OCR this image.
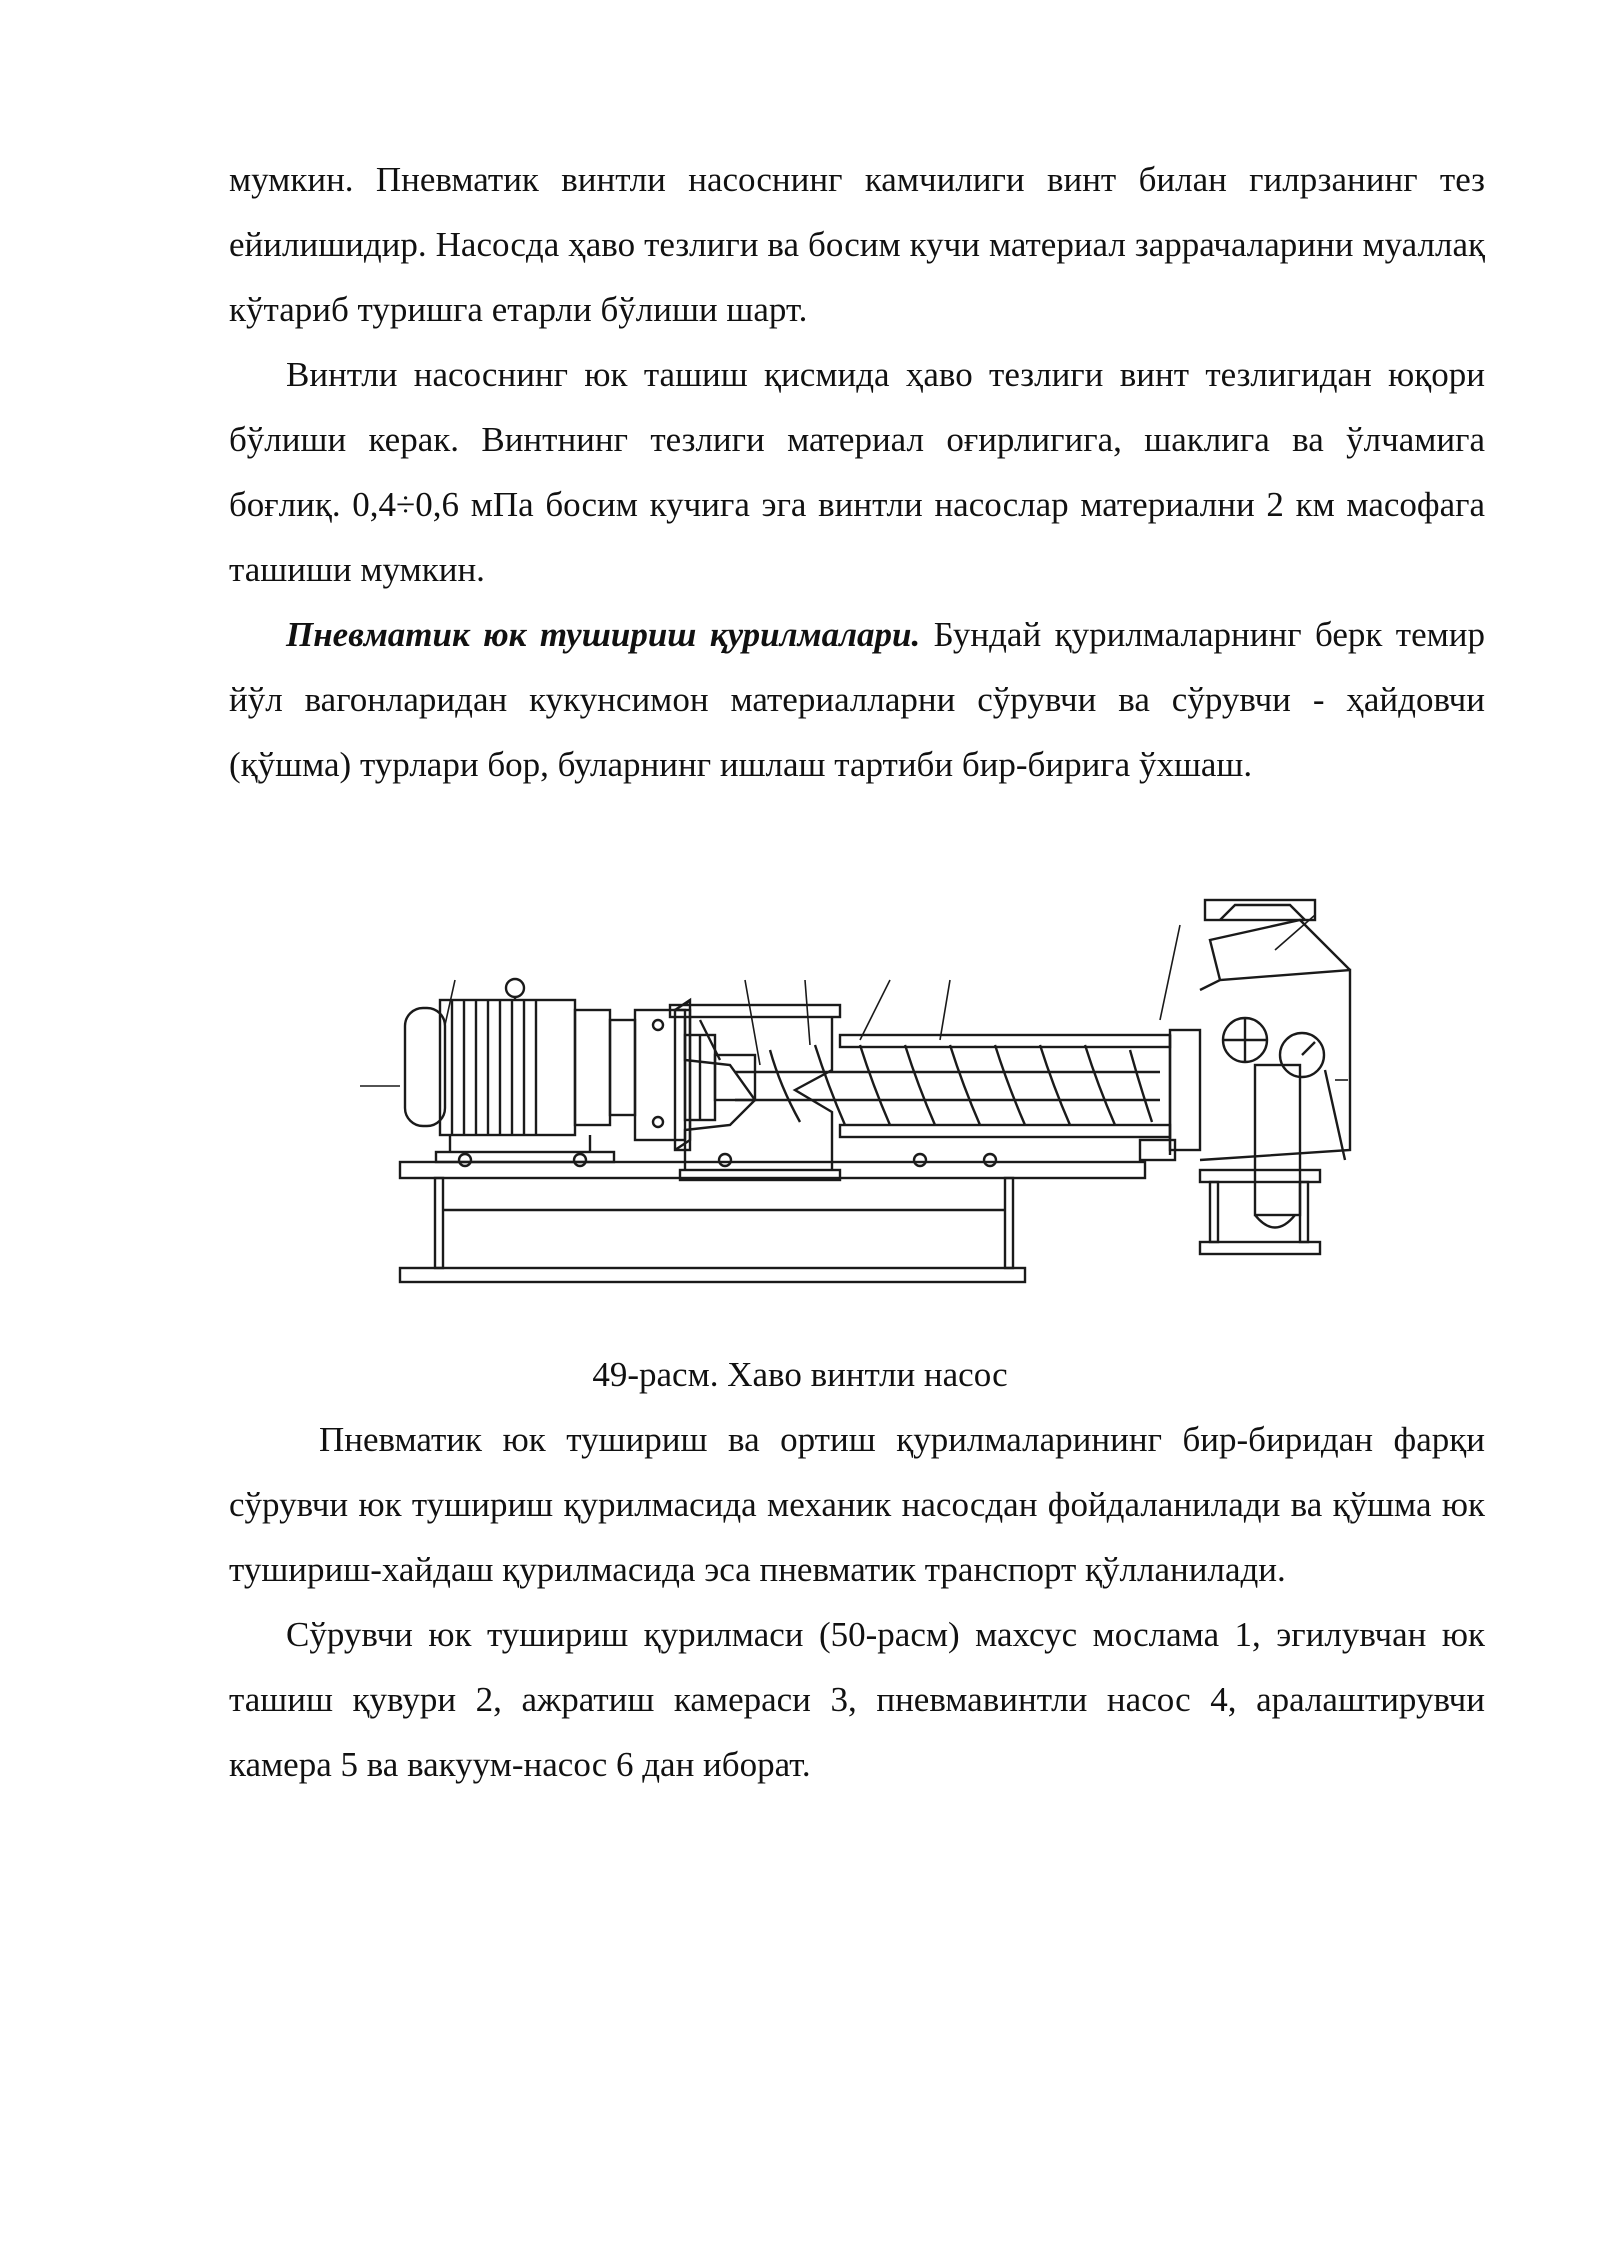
мумкин. Пневматик винтли насоснинг камчилиги винт билан гилрзанинг тез ейилишидир. Насосда ҳаво тезлиги ва босим кучи материал заррачаларини муаллақ кўтариб туришга етарли бўлиши шарт.

Винтли насоснинг юк ташиш қисмида ҳаво тезлиги винт тезлигидан юқори бўлиши керак. Винтнинг тезлиги материал оғирлигига, шаклига ва ўлчамига боғлиқ. 0,4÷0,6 мПа босим кучига эга винтли насослар материални 2 км масофага ташиши мумкин.

Пневматик юк тушириш қурилмалари. Бундай қурилмаларнинг берк темир йўл вагонларидан кукунсимон материалларни сўрувчи ва сўрувчи - ҳайдовчи (қўшма) турлари бор, буларнинг ишлаш тартиби бир-бирига ўхшаш.

49-расм. Хаво винтли насос

Пневматик юк тушириш ва ортиш қурилмаларининг бир-биридан фарқи сўрувчи юк тушириш қурилмасида механик насосдан фойдаланилади ва қўшма юк тушириш-хайдаш қурилмасида эса пневматик транспорт қўлланилади.

Сўрувчи юк тушириш қурилмаси (50-расм) махсус мослама 1, эгилувчан юк ташиш қувури 2, ажратиш камераси 3, пневмавинтли насос 4, аралаштирувчи камера 5 ва вакуум-насос 6 дан иборат.
